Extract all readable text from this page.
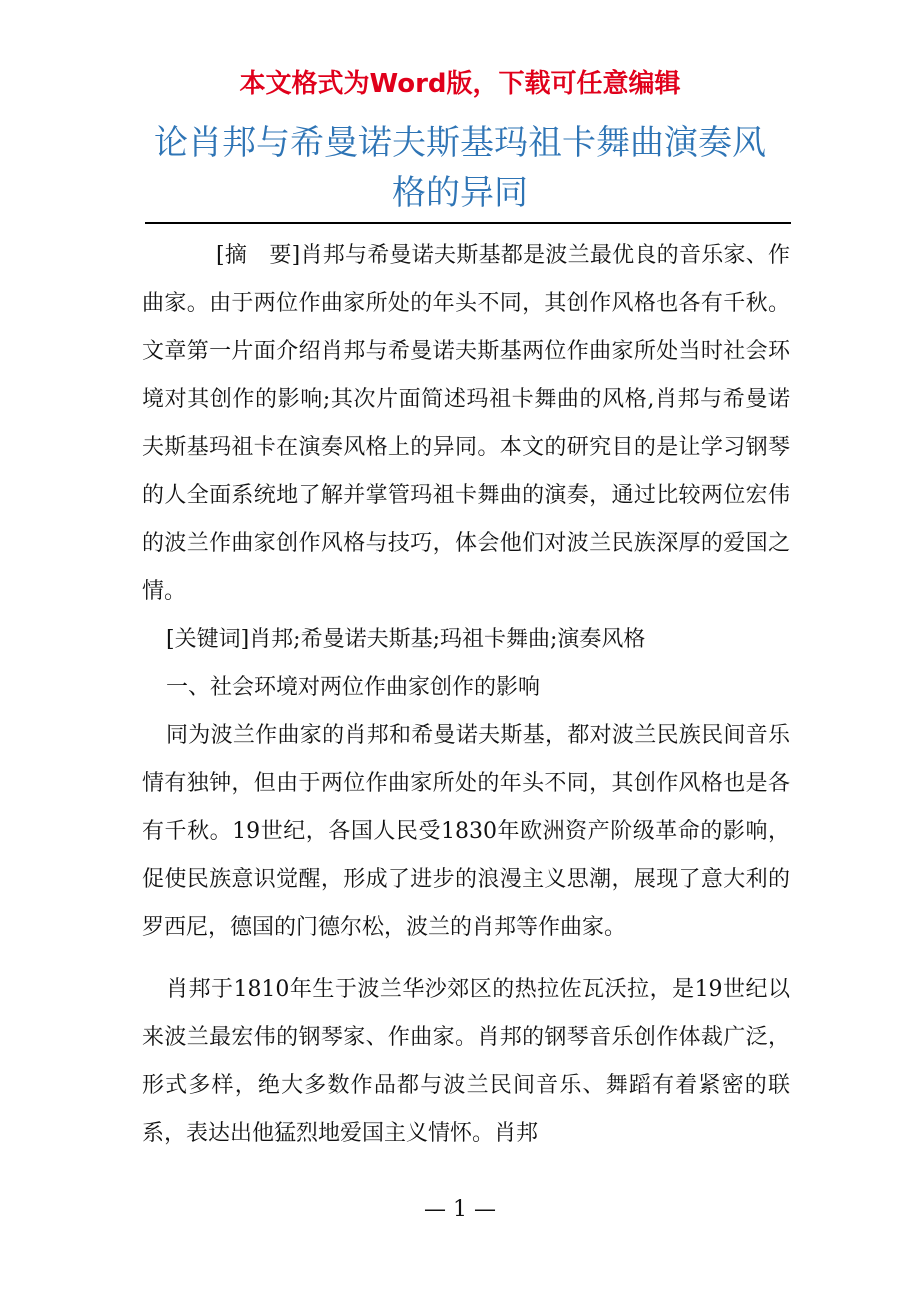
本文格式为Word版，下载可任意编辑

论肖邦与希曼诺夫斯基玛祖卡舞曲演奏风格的异同

[摘　要]肖邦与希曼诺夫斯基都是波兰最优良的音乐家、作曲家。由于两位作曲家所处的年头不同，其创作风格也各有千秋。文章第一片面介绍肖邦与希曼诺夫斯基两位作曲家所处当时社会环境对其创作的影响;其次片面简述玛祖卡舞曲的风格,肖邦与希曼诺夫斯基玛祖卡在演奏风格上的异同。本文的研究目的是让学习钢琴的人全面系统地了解并掌管玛祖卡舞曲的演奏，通过比较两位宏伟的波兰作曲家创作风格与技巧，体会他们对波兰民族深厚的爱国之情。

[关键词]肖邦;希曼诺夫斯基;玛祖卡舞曲;演奏风格

一、社会环境对两位作曲家创作的影响

同为波兰作曲家的肖邦和希曼诺夫斯基，都对波兰民族民间音乐情有独钟，但由于两位作曲家所处的年头不同，其创作风格也是各有千秋。19世纪，各国人民受1830年欧洲资产阶级革命的影响，促使民族意识觉醒，形成了进步的浪漫主义思潮，展现了意大利的罗西尼，德国的门德尔松，波兰的肖邦等作曲家。

肖邦于1810年生于波兰华沙郊区的热拉佐瓦沃拉，是19世纪以来波兰最宏伟的钢琴家、作曲家。肖邦的钢琴音乐创作体裁广泛，形式多样，绝大多数作品都与波兰民间音乐、舞蹈有着紧密的联系，表达出他猛烈地爱国主义情怀。肖邦

— 1 —
